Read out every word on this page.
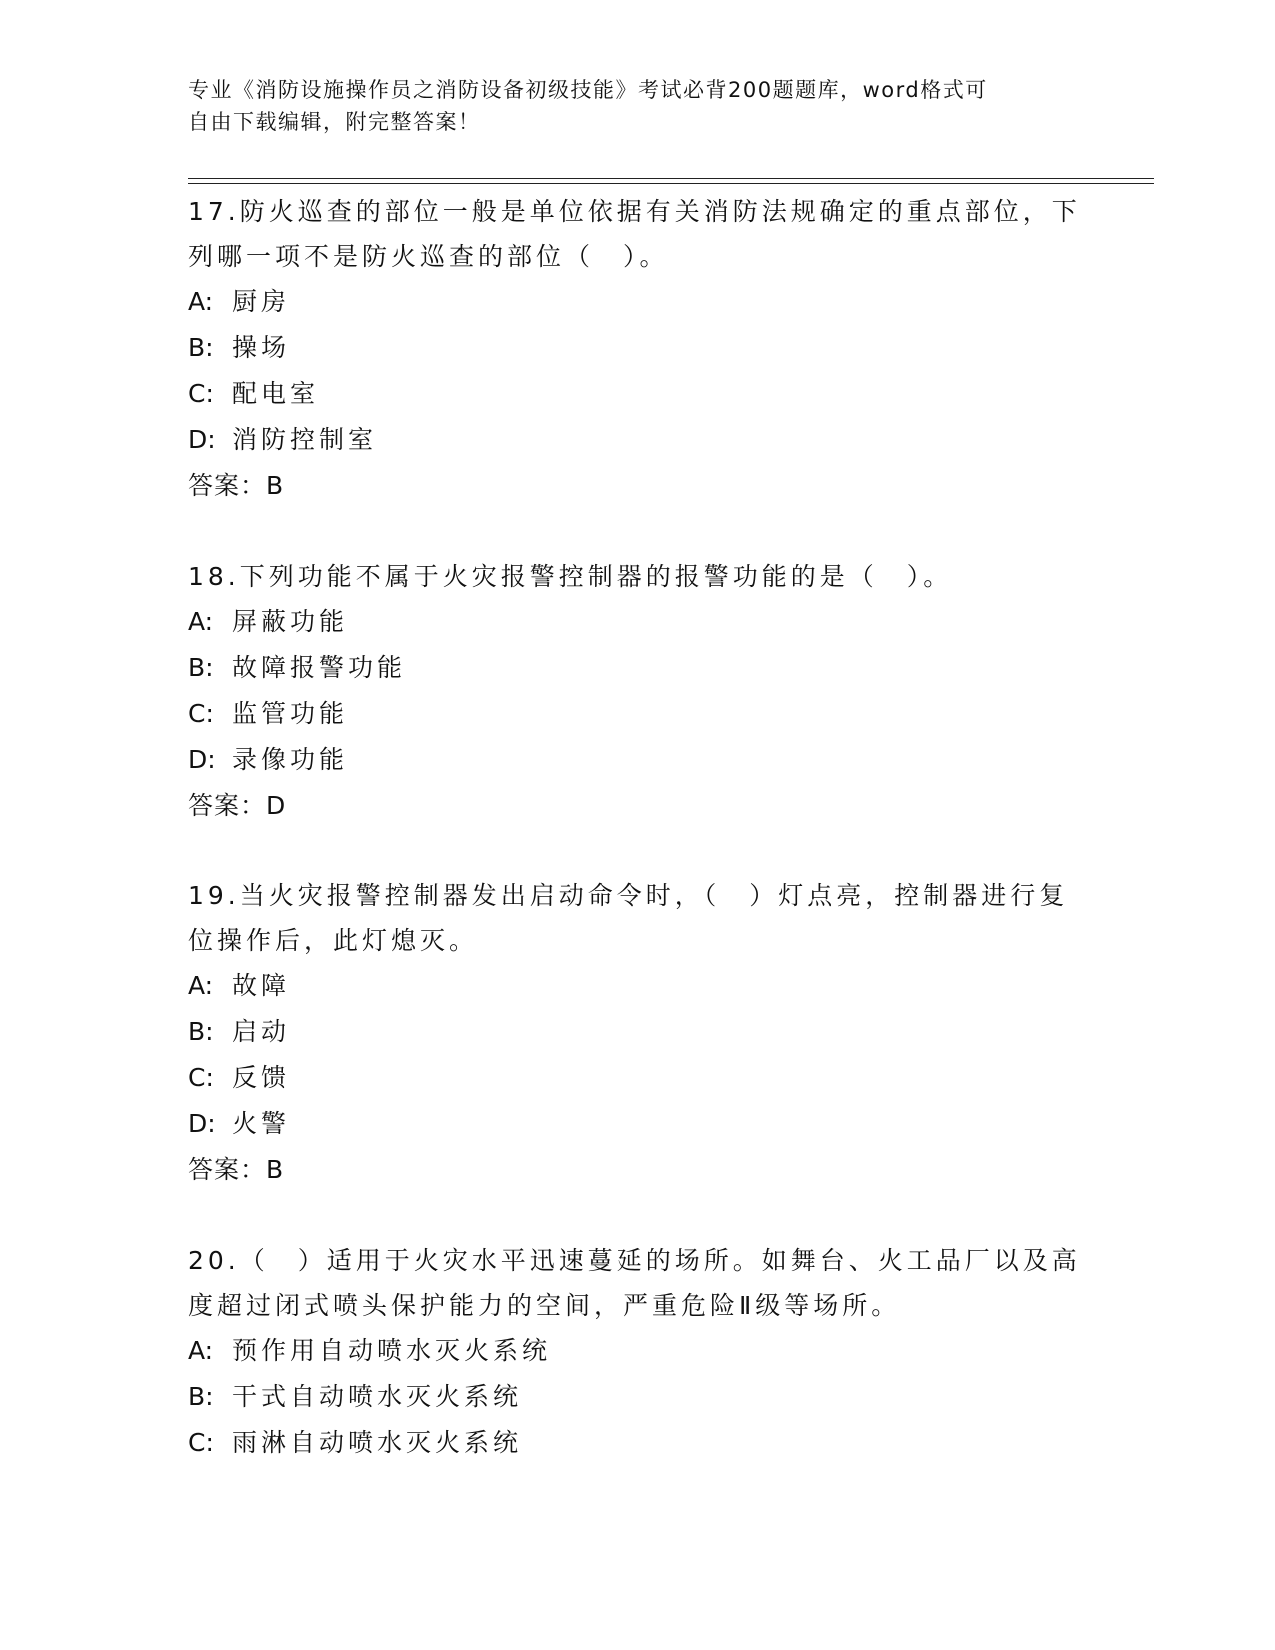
专业《消防设施操作员之消防设备初级技能》考试必背200题题库，word格式可
自由下载编辑，附完整答案！
17.防火巡查的部位一般是单位依据有关消防法规确定的重点部位，下
列哪一项不是防火巡查的部位（　）。
A: 厨房
B: 操场
C: 配电室
D: 消防控制室
答案：B
18.下列功能不属于火灾报警控制器的报警功能的是（　）。
A: 屏蔽功能
B: 故障报警功能
C: 监管功能
D: 录像功能
答案：D
19.当火灾报警控制器发出启动命令时，（　）灯点亮，控制器进行复
位操作后，此灯熄灭。
A: 故障
B: 启动
C: 反馈
D: 火警
答案：B
20.（　）适用于火灾水平迅速蔓延的场所。如舞台、火工品厂以及高
度超过闭式喷头保护能力的空间，严重危险Ⅱ级等场所。
A: 预作用自动喷水灭火系统
B: 干式自动喷水灭火系统
C: 雨淋自动喷水灭火系统
